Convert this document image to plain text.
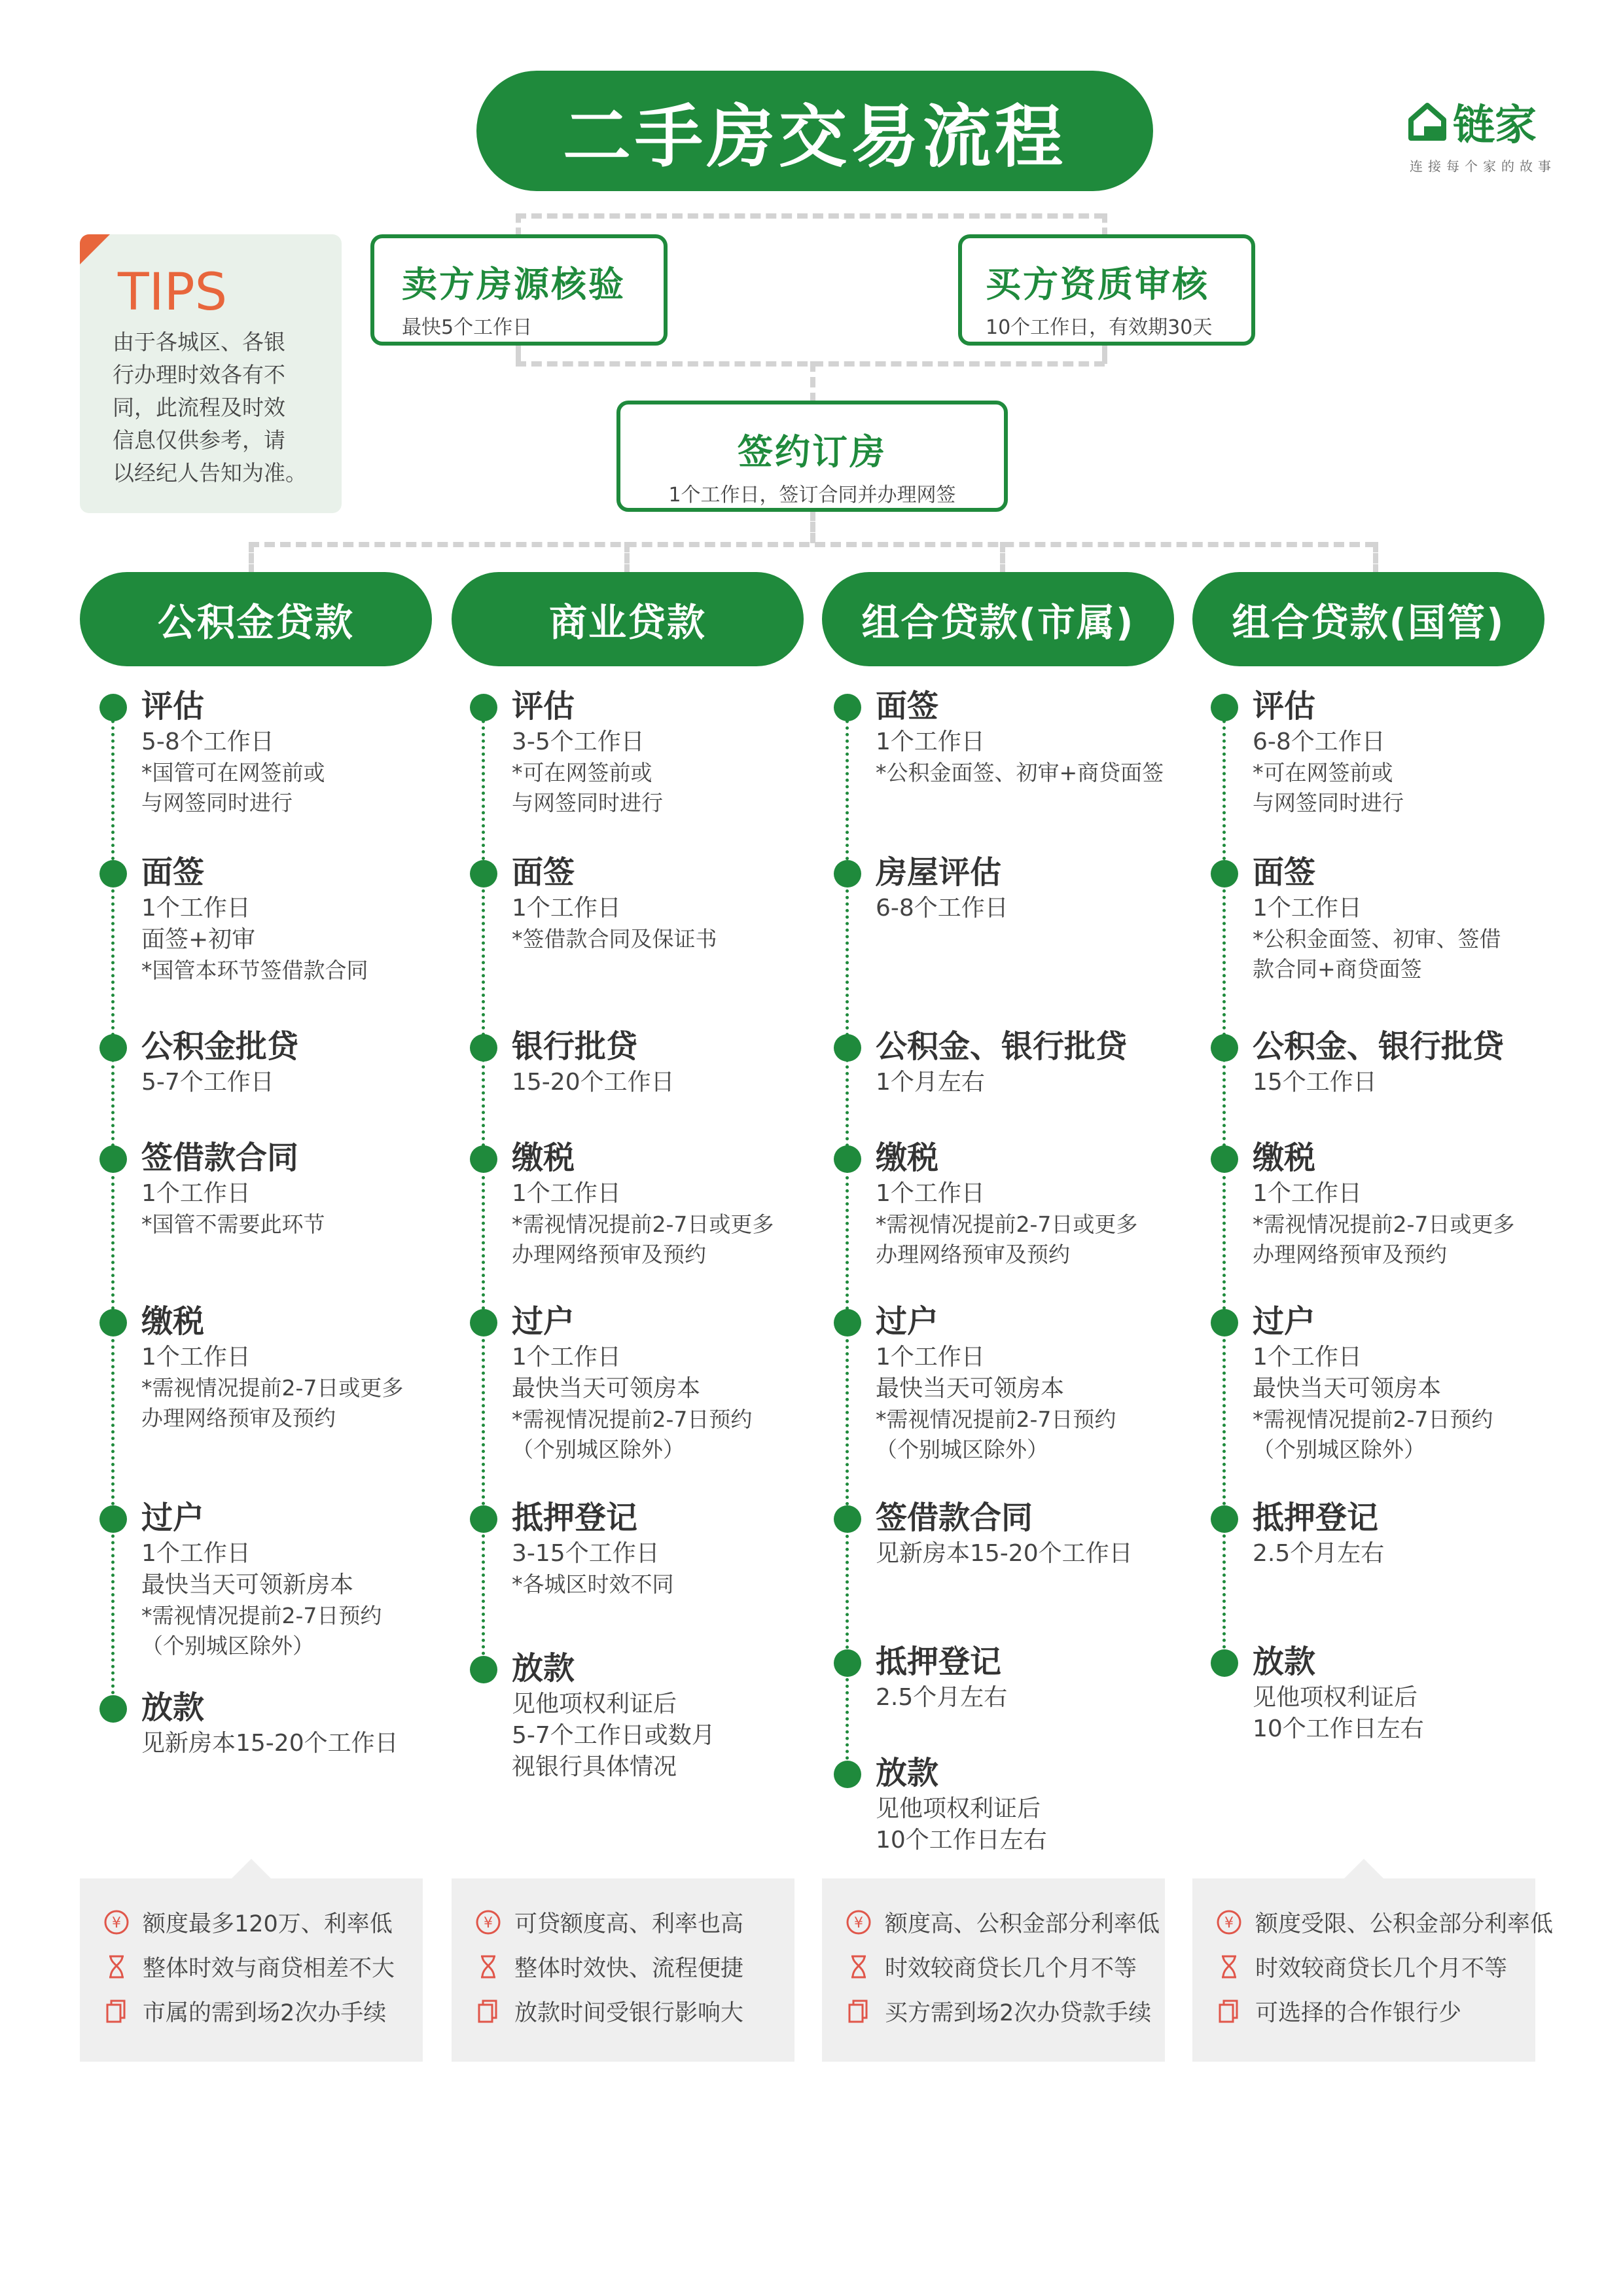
二手房交易流程	链家
连接每个家的故事
TIPS
由于各城区、各银
行办理时效各有不
同，此流程及时效
信息仅供参考，请
以经纪人告知为准。
卖方房源核验
最快5个工作日
买方资质审核
10个工作日，有效期30天
签约订房
1个工作日，签订合同并办理网签
公积金贷款	商业贷款	组合贷款(市属)	组合贷款(国管)
评估
5-8个工作日
*国管可在网签前或
与网签同时进行
面签
1个工作日
面签+初审
*国管本环节签借款合同
公积金批贷
5-7个工作日
签借款合同
1个工作日
*国管不需要此环节
缴税
1个工作日
*需视情况提前2-7日或更多
办理网络预审及预约
过户
1个工作日
最快当天可领新房本
*需视情况提前2-7日预约
（个别城区除外）
放款
见新房本15-20个工作日
评估
3-5个工作日
*可在网签前或
与网签同时进行
面签
1个工作日
*签借款合同及保证书
银行批贷
15-20个工作日
缴税
1个工作日
*需视情况提前2-7日或更多
办理网络预审及预约
过户
1个工作日
最快当天可领房本
*需视情况提前2-7日预约
（个别城区除外）
抵押登记
3-15个工作日
*各城区时效不同
放款
见他项权利证后
5-7个工作日或数月
视银行具体情况
面签
1个工作日
*公积金面签、初审+商贷面签
房屋评估
6-8个工作日
公积金、银行批贷
1个月左右
缴税
1个工作日
*需视情况提前2-7日或更多
办理网络预审及预约
过户
1个工作日
最快当天可领房本
*需视情况提前2-7日预约
（个别城区除外）
签借款合同
见新房本15-20个工作日
抵押登记
2.5个月左右
放款
见他项权利证后
10个工作日左右
评估
6-8个工作日
*可在网签前或
与网签同时进行
面签
1个工作日
*公积金面签、初审、签借
款合同+商贷面签
公积金、银行批贷
15个工作日
缴税
1个工作日
*需视情况提前2-7日或更多
办理网络预审及预约
过户
1个工作日
最快当天可领房本
*需视情况提前2-7日预约
（个别城区除外）
抵押登记
2.5个月左右
放款
见他项权利证后
10个工作日左右
¥ 额度最多120万、利率低
整体时效与商贷相差不大
市属的需到场2次办手续
¥ 可贷额度高、利率也高
整体时效快、流程便捷
放款时间受银行影响大
¥ 额度高、公积金部分利率低
时效较商贷长几个月不等
买方需到场2次办贷款手续
¥ 额度受限、公积金部分利率低
时效较商贷长几个月不等
可选择的合作银行少
